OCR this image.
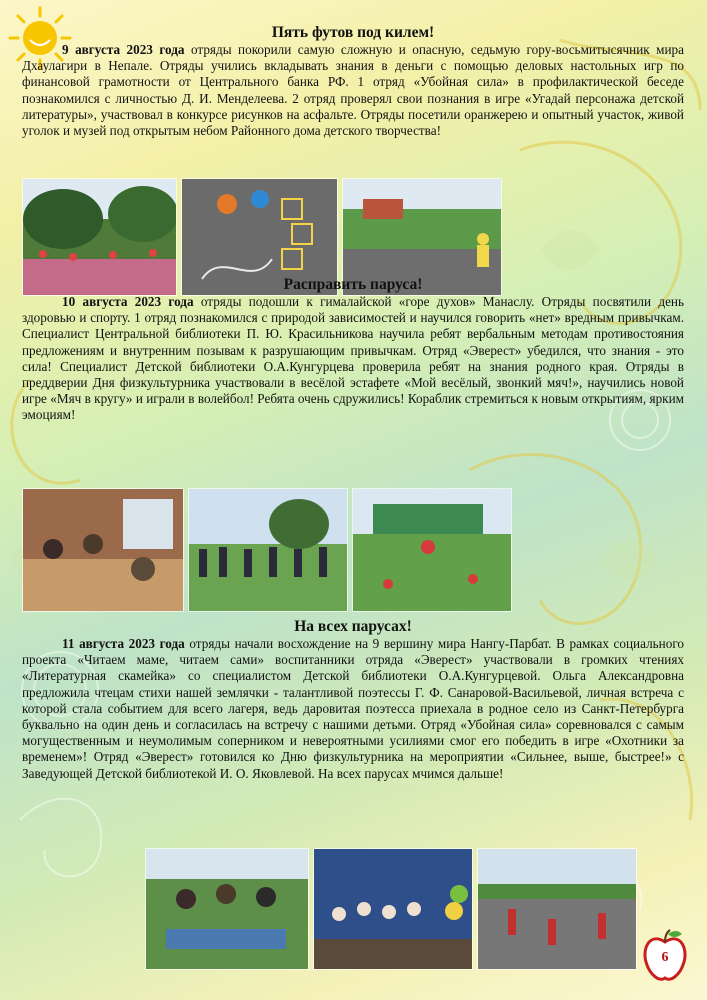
Пять футов под килем!

9 августа 2023 года отряды покорили самую сложную и опасную, седьмую гору-восьмитысячник мира Дхаулагири в Непале. Отряды учились вкладывать знания в деньги с помощью деловых настольных игр по финансовой грамотности от Центрального банка РФ. 1 отряд «Убойная сила» в профилактической беседе познакомился с личностью Д. И. Менделеева. 2 отряд проверял свои познания в игре «Угадай персонажа детской литературы», участвовал в конкурсе рисунков на асфальте. Отряды посетили оранжерею и опытный участок, живой уголок и музей под открытым небом Районного дома детского творчества!

Расправить паруса!

10 августа 2023 года отряды подошли к гималайской «горе духов» Манаслу. Отряды посвятили день здоровью и спорту. 1 отряд познакомился с природой зависимостей и научился говорить «нет» вредным привычкам. Специалист Центральной библиотеки П. Ю. Красильникова научила ребят вербальным методам противостояния предложениям и внутренним позывам к разрушающим привычкам. Отряд «Эверест» убедился, что знания - это сила! Специалист Детской библиотеки О.А.Кунгурцева проверила ребят на знания родного края. Отряды в преддверии Дня физкультурника участвовали в весёлой эстафете «Мой весёлый, звонкий мяч!», научились новой игре «Мяч в кругу» и играли в волейбол! Ребята очень сдружились! Кораблик стремиться к новым открытиям, ярким эмоциям!

На всех парусах!

11 августа 2023 года отряды начали восхождение на 9 вершину мира Нангу-Парбат. В рамках социального проекта «Читаем маме, читаем сами» воспитанники отряда «Эверест» участвовали в громких чтениях «Литературная скамейка» со специалистом Детской библиотеки О.А.Кунгурцевой. Ольга Александровна предложила чтецам стихи нашей землячки - талантливой поэтессы Г. Ф. Санаровой-Васильевой, личная встреча с которой стала событием для всего лагеря, ведь даровитая поэтесса приехала в родное село из Санкт-Петербурга буквально на один день и согласилась на встречу с нашими детьми. Отряд «Убойная сила» соревновался с самым могущественным и неумолимым соперником и невероятными усилиями смог его победить в игре «Охотники за временем»! Отряд «Эверест» готовился ко Дню физкультурника на мероприятии «Сильнее, выше, быстрее!» с Заведующей Детской библиотекой И. О. Яковлевой. На всех парусах мчимся дальше!

6
